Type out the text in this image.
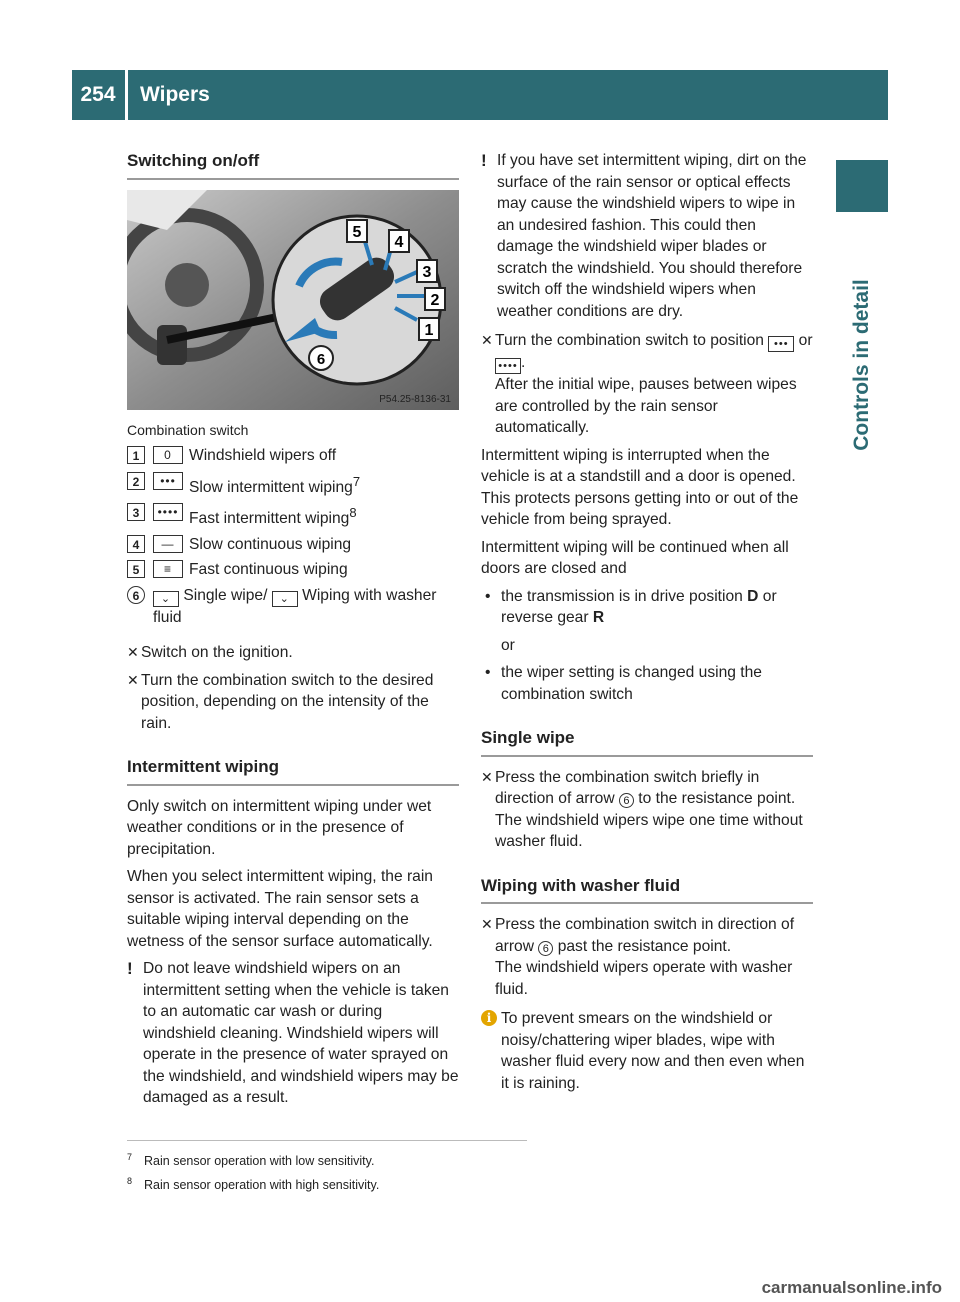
254	Wipers
Controls in detail
Switching on/off
5
4
3
2
1
6
P54.25-8136-31
Combination switch
1	0	Windshield wipers off
2	••• Slow intermittent wiping$^7$
3	•••• Fast intermittent wiping$^8$
4	— Slow continuous wiping
5	≡	Fast continuous wiping
6	⌄ Single wipe/ ⌄ Wiping with washer fluid
✕ Switch on the ignition.
✕ Turn the combination switch to the desired position, depending on the intensity of the rain.
Intermittent wiping

Only switch on intermittent wiping under wet weather conditions or in the presence of precipitation.

When you select intermittent wiping, the rain sensor is activated. The rain sensor sets a suitable wiping interval depending on the wetness of the sensor surface automatically.

! Do not leave windshield wipers on an intermittent setting when the vehicle is taken to an automatic car wash or during windshield cleaning. Windshield wipers will operate in the presence of water sprayed on the windshield, and windshield wipers may be damaged as a result.
! If you have set intermittent wiping, dirt on the surface of the rain sensor or optical effects may cause the windshield wipers to wipe in an undesired fashion. This could then damage the windshield wiper blades or scratch the windshield. You should therefore switch off the windshield wipers when weather conditions are dry.
✕ Turn the combination switch to position ••• or •••• .
After the initial wipe, pauses between wipes are controlled by the rain sensor automatically.

Intermittent wiping is interrupted when the vehicle is at a standstill and a door is opened. This protects persons getting into or out of the vehicle from being sprayed.

Intermittent wiping will be continued when all doors are closed and

• the transmission is in drive position D or reverse gear R
or
• the wiper setting is changed using the combination switch
Single wipe
✕ Press the combination switch briefly in direction of arrow 6 to the resistance point.
The windshield wipers wipe one time without washer fluid.
Wiping with washer fluid
✕ Press the combination switch in direction of arrow 6 past the resistance point.
The windshield wipers operate with washer fluid.
i To prevent smears on the windshield or noisy/chattering wiper blades, wipe with washer fluid every now and then even when it is raining.
$^7$ Rain sensor operation with low sensitivity.
$^8$ Rain sensor operation with high sensitivity.
carmanualsonline.info
